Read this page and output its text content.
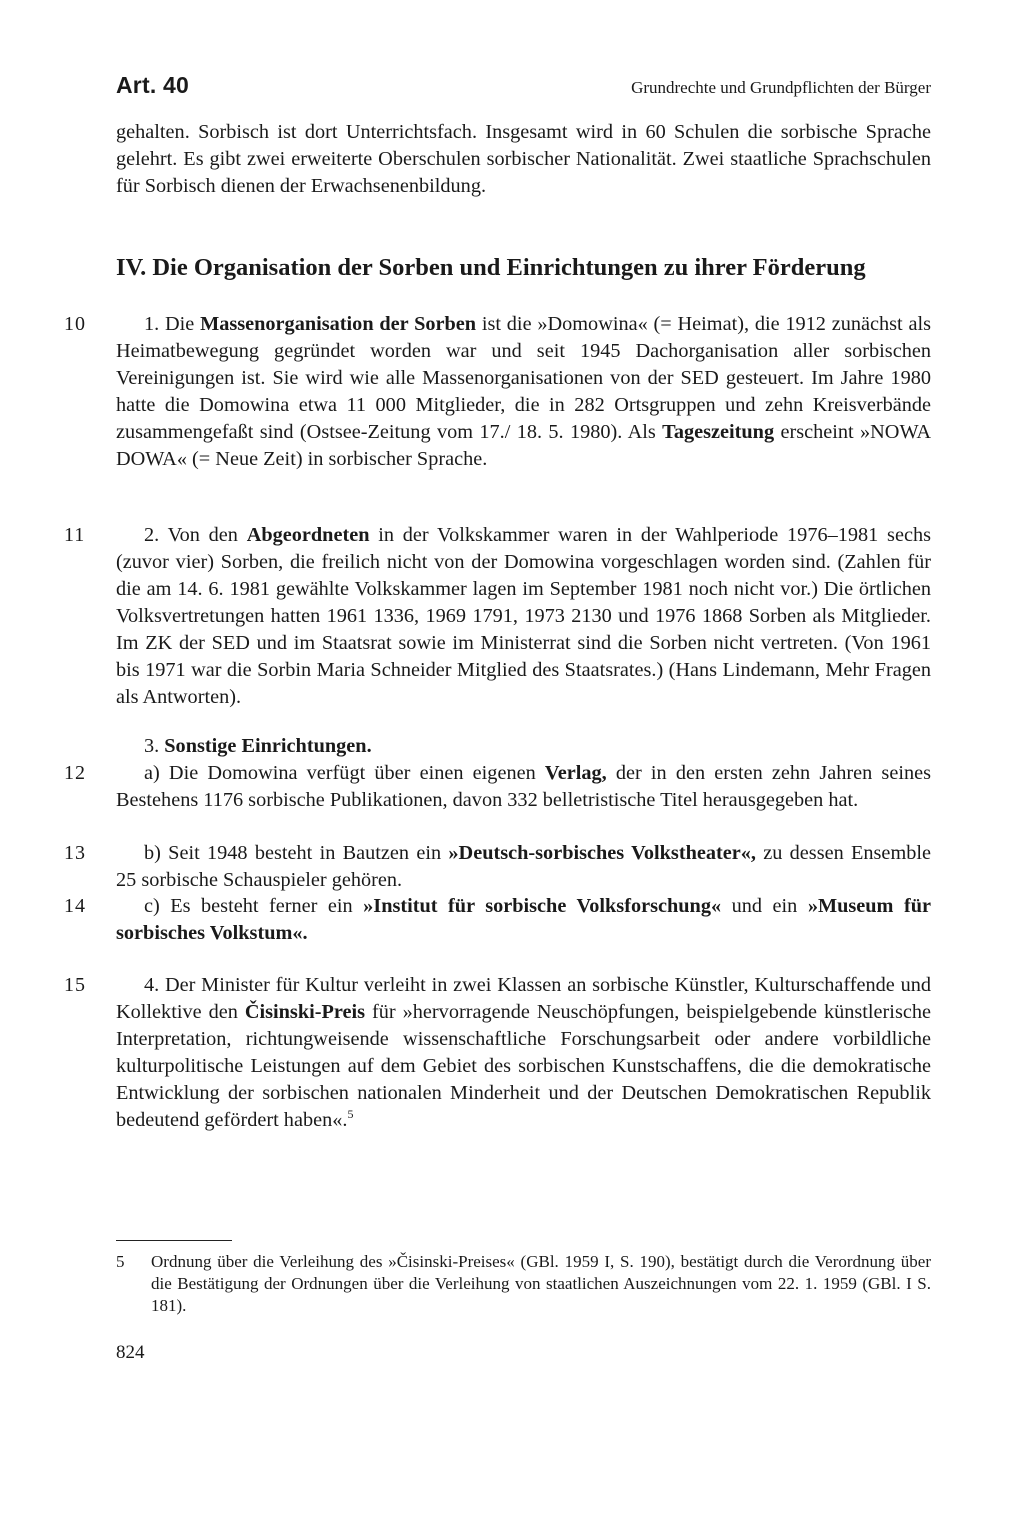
Art. 40	Grundrechte und Grundpflichten der Bürger

gehalten. Sorbisch ist dort Unterrichtsfach. Insgesamt wird in 60 Schulen die sorbische Sprache gelehrt. Es gibt zwei erweiterte Oberschulen sorbischer Nationalität. Zwei staatliche Sprachschulen für Sorbisch dienen der Erwachsenenbildung.

IV. Die Organisation der Sorben und Einrichtungen zu ihrer Förderung
10
11
12
13
14
15

1. Die Massenorganisation der Sorben ist die »Domowina« (= Heimat), die 1912 zunächst als Heimatbewegung gegründet worden war und seit 1945 Dachorganisation aller sorbischen Vereinigungen ist. Sie wird wie alle Massenorganisationen von der SED gesteuert. Im Jahre 1980 hatte die Domowina etwa 11 000 Mitglieder, die in 282 Ortsgruppen und zehn Kreisverbände zusammengefaßt sind (Ostsee-Zeitung vom 17./ 18. 5. 1980). Als Tageszeitung erscheint »NOWA DOWA« (= Neue Zeit) in sorbischer Sprache.

2. Von den Abgeordneten in der Volkskammer waren in der Wahlperiode 1976–1981 sechs (zuvor vier) Sorben, die freilich nicht von der Domowina vorgeschlagen worden sind. (Zahlen für die am 14. 6. 1981 gewählte Volkskammer lagen im September 1981 noch nicht vor.) Die örtlichen Volksvertretungen hatten 1961 1336, 1969 1791, 1973 2130 und 1976 1868 Sorben als Mitglieder. Im ZK der SED und im Staatsrat sowie im Ministerrat sind die Sorben nicht vertreten. (Von 1961 bis 1971 war die Sorbin Maria Schneider Mitglied des Staatsrates.) (Hans Lindemann, Mehr Fragen als Antworten).

3. Sonstige Einrichtungen.

a) Die Domowina verfügt über einen eigenen Verlag, der in den ersten zehn Jahren seines Bestehens 1176 sorbische Publikationen, davon 332 belletristische Titel herausgegeben hat.

b) Seit 1948 besteht in Bautzen ein »Deutsch-sorbisches Volkstheater«, zu dessen Ensemble 25 sorbische Schauspieler gehören.

c) Es besteht ferner ein »Institut für sorbische Volksforschung« und ein »Museum für sorbisches Volkstum«.

4. Der Minister für Kultur verleiht in zwei Klassen an sorbische Künstler, Kulturschaffende und Kollektive den Čisinski-Preis für »hervorragende Neuschöpfungen, beispielgebende künstlerische Interpretation, richtungweisende wissenschaftliche Forschungsarbeit oder andere vorbildliche kulturpolitische Leistungen auf dem Gebiet des sorbischen Kunstschaffens, die die demokratische Entwicklung der sorbischen nationalen Minderheit und der Deutschen Demokratischen Republik bedeutend gefördert haben«.$^5$

5	Ordnung über die Verleihung des »Čisinski-Preises« (GBl. 1959 I, S. 190), bestätigt durch die Verordnung über die Bestätigung der Ordnungen über die Verleihung von staatlichen Auszeichnungen vom 22. 1. 1959 (GBl. I S. 181).
824
